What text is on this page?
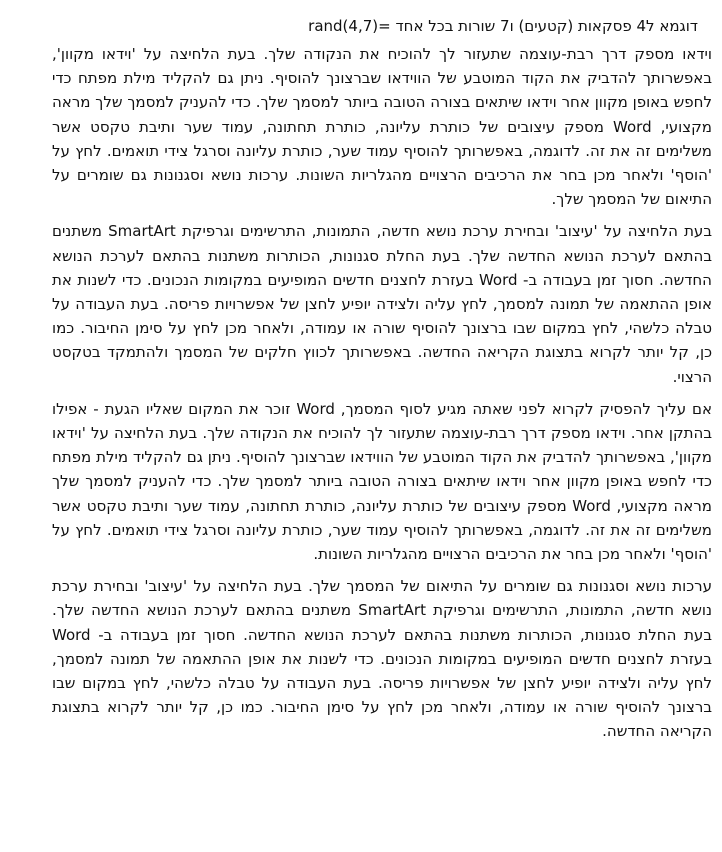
דוגמא ל4 פסקאות (קטעים) ו7 שורות בכל אחד =rand(4,7)

וידאו מספק דרך רבת-עוצמה שתעזור לך להוכיח את הנקודה שלך. בעת הלחיצה על 'וידאו מקוון', באפשרותך להדביק את הקוד המוטבע של הווידאו שברצונך להוסיף. ניתן גם להקליד מילת מפתח כדי לחפש באופן מקוון אחר וידאו שיתאים בצורה הטובה ביותר למסמך שלך. כדי להעניק למסמך שלך מראה מקצועי, Word מספק עיצובים של כותרת עליונה, כותרת תחתונה, עמוד שער ותיבת טקסט אשר משלימים זה את זה. לדוגמה, באפשרותך להוסיף עמוד שער, כותרת עליונה וסרגל צידי תואמים. לחץ על 'הוסף' ולאחר מכן בחר את הרכיבים הרצויים מהגלריות השונות. ערכות נושא וסגנונות גם שומרים על התיאום של המסמך שלך.

בעת הלחיצה על 'עיצוב' ובחירת ערכת נושא חדשה, התמונות, התרשימים וגרפיקת SmartArt משתנים בהתאם לערכת הנושא החדשה שלך. בעת החלת סגנונות, הכותרות משתנות בהתאם לערכת הנושא החדשה. חסוך זמן בעבודה ב- Word בעזרת לחצנים חדשים המופיעים במקומות הנכונים. כדי לשנות את אופן ההתאמה של תמונה למסמך, לחץ עליה ולצידה יופיע לחצן של אפשרויות פריסה. בעת העבודה על טבלה כלשהי, לחץ במקום שבו ברצונך להוסיף שורה או עמודה, ולאחר מכן לחץ על סימן החיבור. כמו כן, קל יותר לקרוא בתצוגת הקריאה החדשה. באפשרותך לכווץ חלקים של המסמך ולהתמקד בטקסט הרצוי.

אם עליך להפסיק לקרוא לפני שאתה מגיע לסוף המסמך, Word זוכר את המקום שאליו הגעת - אפילו בהתקן אחר. וידאו מספק דרך רבת-עוצמה שתעזור לך להוכיח את הנקודה שלך. בעת הלחיצה על 'וידאו מקוון', באפשרותך להדביק את הקוד המוטבע של הווידאו שברצונך להוסיף. ניתן גם להקליד מילת מפתח כדי לחפש באופן מקוון אחר וידאו שיתאים בצורה הטובה ביותר למסמך שלך. כדי להעניק למסמך שלך מראה מקצועי, Word מספק עיצובים של כותרת עליונה, כותרת תחתונה, עמוד שער ותיבת טקסט אשר משלימים זה את זה. לדוגמה, באפשרותך להוסיף עמוד שער, כותרת עליונה וסרגל צידי תואמים. לחץ על 'הוסף' ולאחר מכן בחר את הרכיבים הרצויים מהגלריות השונות.

ערכות נושא וסגנונות גם שומרים על התיאום של המסמך שלך. בעת הלחיצה על 'עיצוב' ובחירת ערכת נושא חדשה, התמונות, התרשימים וגרפיקת SmartArt משתנים בהתאם לערכת הנושא החדשה שלך. בעת החלת סגנונות, הכותרות משתנות בהתאם לערכת הנושא החדשה. חסוך זמן בעבודה ב- Word בעזרת לחצנים חדשים המופיעים במקומות הנכונים. כדי לשנות את אופן ההתאמה של תמונה למסמך, לחץ עליה ולצידה יופיע לחצן של אפשרויות פריסה. בעת העבודה על טבלה כלשהי, לחץ במקום שבו ברצונך להוסיף שורה או עמודה, ולאחר מכן לחץ על סימן החיבור. כמו כן, קל יותר לקרוא בתצוגת הקריאה החדשה.
